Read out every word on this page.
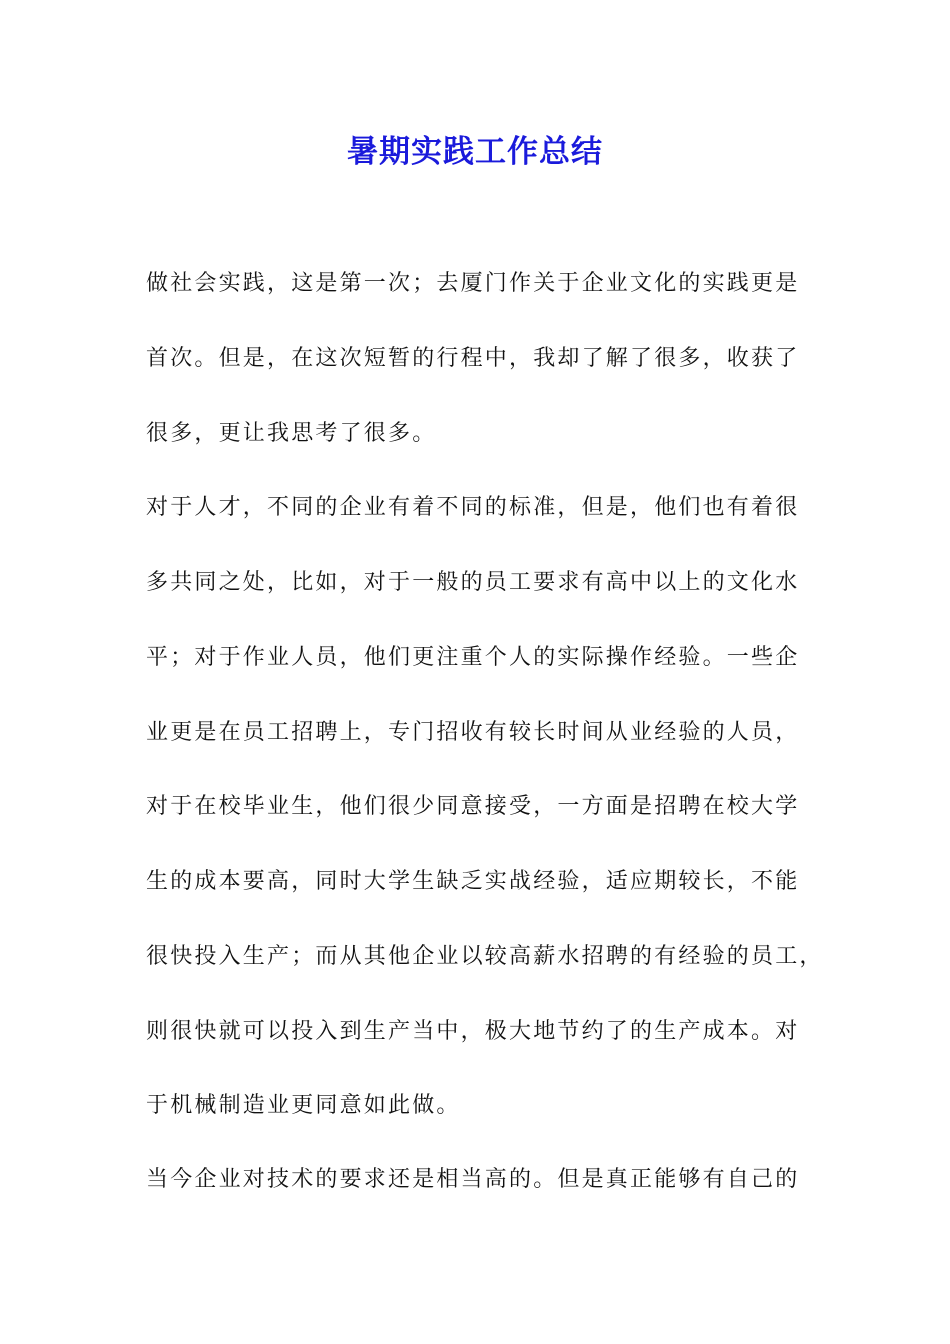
暑期实践工作总结
做社会实践，这是第一次；去厦门作关于企业文化的实践更是
首次。但是，在这次短暂的行程中，我却了解了很多，收获了
很多，更让我思考了很多。
对于人才，不同的企业有着不同的标准，但是，他们也有着很
多共同之处，比如，对于一般的员工要求有高中以上的文化水
平；对于作业人员，他们更注重个人的实际操作经验。一些企
业更是在员工招聘上，专门招收有较长时间从业经验的人员，
对于在校毕业生，他们很少同意接受，一方面是招聘在校大学
生的成本要高，同时大学生缺乏实战经验，适应期较长，不能
很快投入生产；而从其他企业以较高薪水招聘的有经验的员工，
则很快就可以投入到生产当中，极大地节约了的生产成本。对
于机械制造业更同意如此做。
当今企业对技术的要求还是相当高的。但是真正能够有自己的
